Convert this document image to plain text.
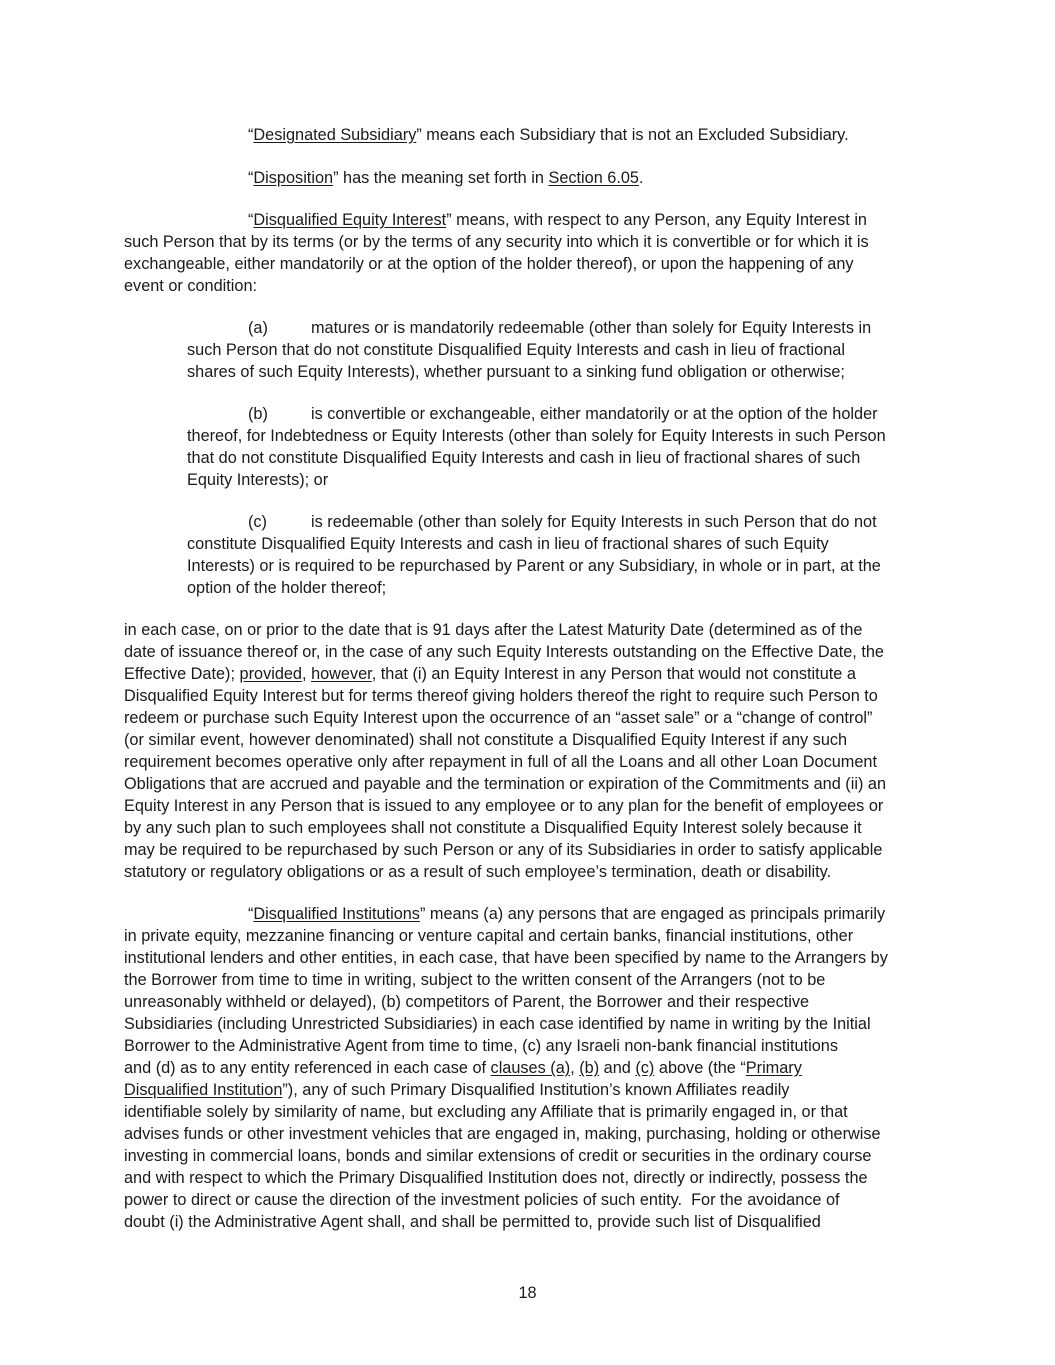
“Designated Subsidiary” means each Subsidiary that is not an Excluded Subsidiary.
“Disposition” has the meaning set forth in Section 6.05.
“Disqualified Equity Interest” means, with respect to any Person, any Equity Interest in
such Person that by its terms (or by the terms of any security into which it is convertible or for which it is
exchangeable, either mandatorily or at the option of the holder thereof), or upon the happening of any
event or condition:
(a)	matures or is mandatorily redeemable (other than solely for Equity Interests in
such Person that do not constitute Disqualified Equity Interests and cash in lieu of fractional
shares of such Equity Interests), whether pursuant to a sinking fund obligation or otherwise;
(b)	is convertible or exchangeable, either mandatorily or at the option of the holder
thereof, for Indebtedness or Equity Interests (other than solely for Equity Interests in such Person
that do not constitute Disqualified Equity Interests and cash in lieu of fractional shares of such
Equity Interests); or
(c)	is redeemable (other than solely for Equity Interests in such Person that do not
constitute Disqualified Equity Interests and cash in lieu of fractional shares of such Equity
Interests) or is required to be repurchased by Parent or any Subsidiary, in whole or in part, at the
option of the holder thereof;
in each case, on or prior to the date that is 91 days after the Latest Maturity Date (determined as of the
date of issuance thereof or, in the case of any such Equity Interests outstanding on the Effective Date, the
Effective Date); provided, however, that (i) an Equity Interest in any Person that would not constitute a
Disqualified Equity Interest but for terms thereof giving holders thereof the right to require such Person to
redeem or purchase such Equity Interest upon the occurrence of an “asset sale” or a “change of control”
(or similar event, however denominated) shall not constitute a Disqualified Equity Interest if any such
requirement becomes operative only after repayment in full of all the Loans and all other Loan Document
Obligations that are accrued and payable and the termination or expiration of the Commitments and (ii) an
Equity Interest in any Person that is issued to any employee or to any plan for the benefit of employees or
by any such plan to such employees shall not constitute a Disqualified Equity Interest solely because it
may be required to be repurchased by such Person or any of its Subsidiaries in order to satisfy applicable
statutory or regulatory obligations or as a result of such employee’s termination, death or disability.
“Disqualified Institutions” means (a) any persons that are engaged as principals primarily
in private equity, mezzanine financing or venture capital and certain banks, financial institutions, other
institutional lenders and other entities, in each case, that have been specified by name to the Arrangers by
the Borrower from time to time in writing, subject to the written consent of the Arrangers (not to be
unreasonably withheld or delayed), (b) competitors of Parent, the Borrower and their respective
Subsidiaries (including Unrestricted Subsidiaries) in each case identified by name in writing by the Initial
Borrower to the Administrative Agent from time to time, (c) any Israeli non-bank financial institutions
and (d) as to any entity referenced in each case of clauses (a), (b) and (c) above (the “Primary
Disqualified Institution”), any of such Primary Disqualified Institution’s known Affiliates readily
identifiable solely by similarity of name, but excluding any Affiliate that is primarily engaged in, or that
advises funds or other investment vehicles that are engaged in, making, purchasing, holding or otherwise
investing in commercial loans, bonds and similar extensions of credit or securities in the ordinary course
and with respect to which the Primary Disqualified Institution does not, directly or indirectly, possess the
power to direct or cause the direction of the investment policies of such entity.  For the avoidance of
doubt (i) the Administrative Agent shall, and shall be permitted to, provide such list of Disqualified
18
